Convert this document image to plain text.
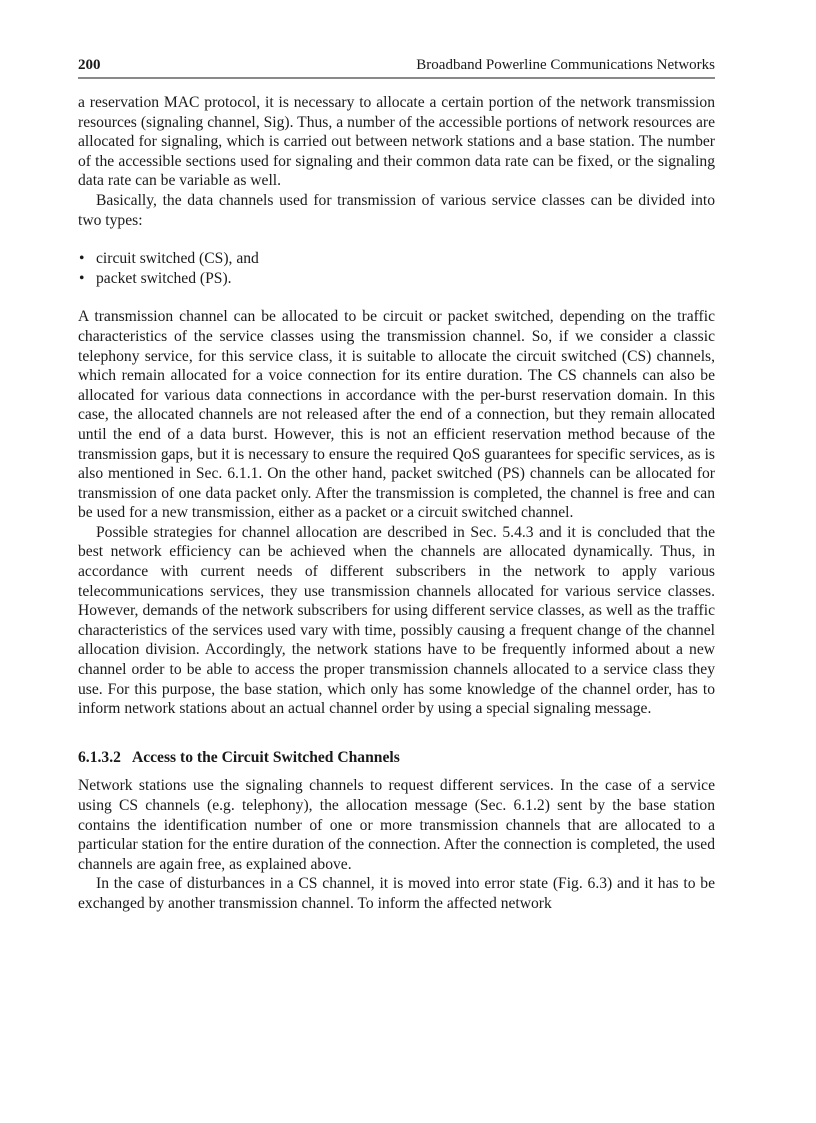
200	Broadband Powerline Communications Networks

a reservation MAC protocol, it is necessary to allocate a certain portion of the network transmission resources (signaling channel, Sig). Thus, a number of the accessible portions of network resources are allocated for signaling, which is carried out between network stations and a base station. The number of the accessible sections used for signaling and their common data rate can be fixed, or the signaling data rate can be variable as well.

Basically, the data channels used for transmission of various service classes can be divided into two types:

• circuit switched (CS), and
• packet switched (PS).

A transmission channel can be allocated to be circuit or packet switched, depending on the traffic characteristics of the service classes using the transmission channel. So, if we consider a classic telephony service, for this service class, it is suitable to allocate the circuit switched (CS) channels, which remain allocated for a voice connection for its entire duration. The CS channels can also be allocated for various data connections in accordance with the per-burst reservation domain. In this case, the allocated channels are not released after the end of a connection, but they remain allocated until the end of a data burst. However, this is not an efficient reservation method because of the transmission gaps, but it is necessary to ensure the required QoS guarantees for specific services, as is also mentioned in Sec. 6.1.1. On the other hand, packet switched (PS) channels can be allocated for transmission of one data packet only. After the transmission is completed, the channel is free and can be used for a new transmission, either as a packet or a circuit switched channel.

Possible strategies for channel allocation are described in Sec. 5.4.3 and it is concluded that the best network efficiency can be achieved when the channels are allocated dynamically. Thus, in accordance with current needs of different subscribers in the network to apply various telecommunications services, they use transmission channels allocated for various service classes. However, demands of the network subscribers for using different service classes, as well as the traffic characteristics of the services used vary with time, possibly causing a frequent change of the channel allocation division. Accordingly, the network stations have to be frequently informed about a new channel order to be able to access the proper transmission channels allocated to a service class they use. For this purpose, the base station, which only has some knowledge of the channel order, has to inform network stations about an actual channel order by using a special signaling message.

6.1.3.2 Access to the Circuit Switched Channels

Network stations use the signaling channels to request different services. In the case of a service using CS channels (e.g. telephony), the allocation message (Sec. 6.1.2) sent by the base station contains the identification number of one or more transmission channels that are allocated to a particular station for the entire duration of the connection. After the connection is completed, the used channels are again free, as explained above.

In the case of disturbances in a CS channel, it is moved into error state (Fig. 6.3) and it has to be exchanged by another transmission channel. To inform the affected network
